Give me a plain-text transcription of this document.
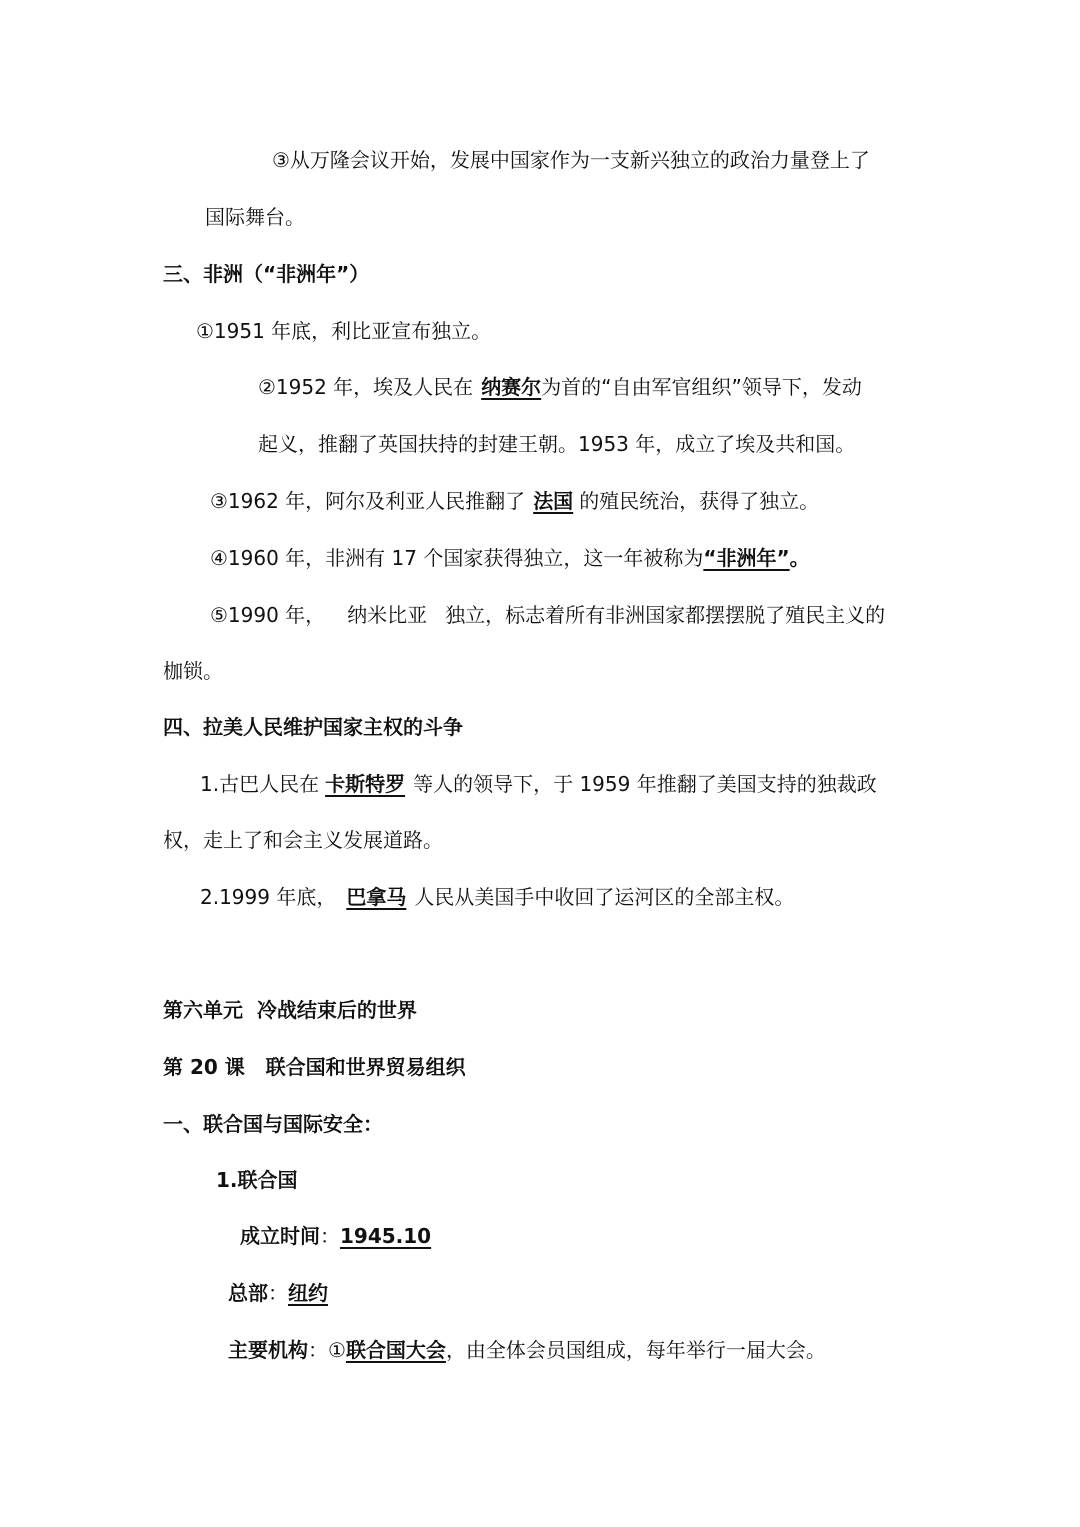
③从万隆会议开始，发展中国家作为一支新兴独立的政治力量登上了
国际舞台。
三、非洲（“非洲年”）
①1951 年底，利比亚宣布独立。
②1952 年，埃及人民在 纳赛尔为首的“自由军官组织”领导下，发动
起义，推翻了英国扶持的封建王朝。1953 年，成立了埃及共和国。
③1962 年，阿尔及利亚人民推翻了 法国 的殖民统治，获得了独立。
④1960 年，非洲有 17 个国家获得独立，这一年被称为“非洲年”。
⑤1990 年， 纳米比亚 独立，标志着所有非洲国家都摆摆脱了殖民主义的
枷锁。
四、拉美人民维护国家主权的斗争
1.古巴人民在 卡斯特罗 等人的领导下，于 1959 年推翻了美国支持的独裁政
权，走上了和会主义发展道路。
2.1999 年底， 巴拿马 人民从美国手中收回了运河区的全部主权。
第六单元  冷战结束后的世界
第 20 课   联合国和世界贸易组织
一、联合国与国际安全：
1.联合国
成立时间：1945.10
总部：纽约
主要机构：①联合国大会，由全体会员国组成，每年举行一届大会。
